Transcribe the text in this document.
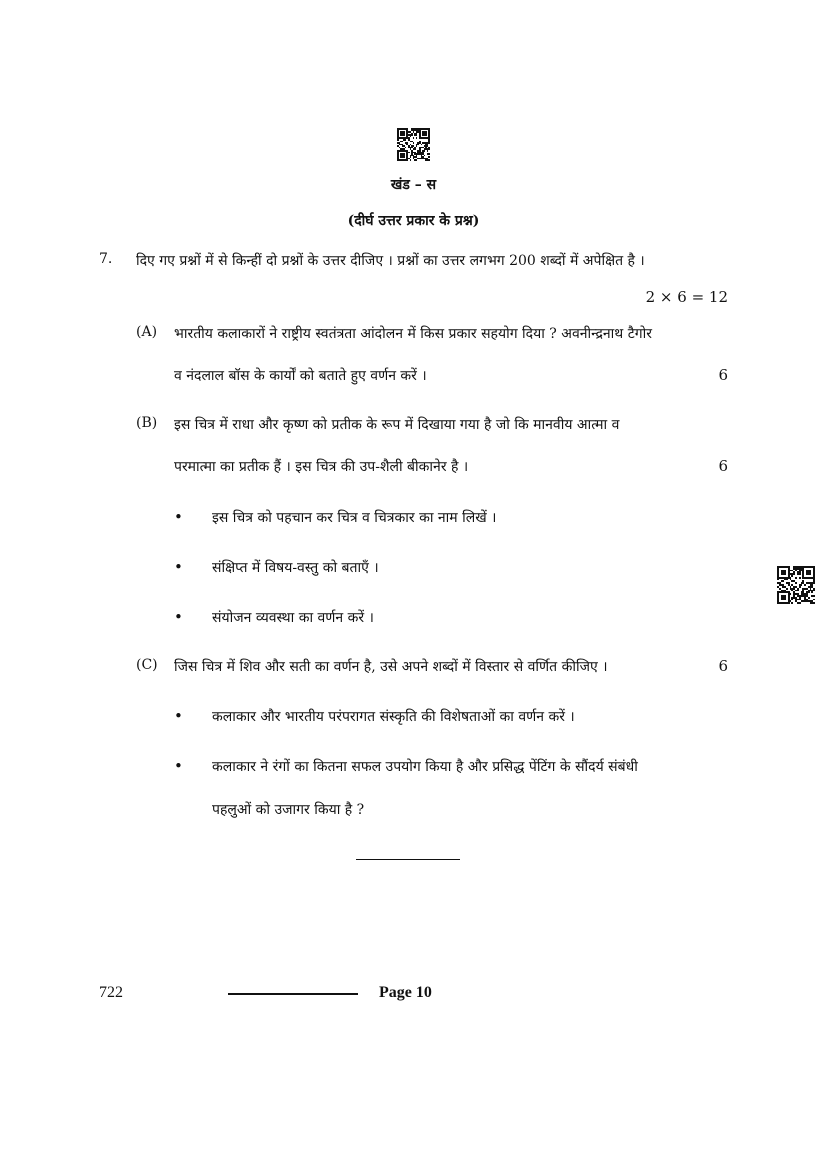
खंड – स
(दीर्घ उत्तर प्रकार के प्रश्न)
7. दिए गए प्रश्नों में से किन्हीं दो प्रश्नों के उत्तर दीजिए । प्रश्नों का उत्तर लगभग 200 शब्दों में अपेक्षित है ।
2 × 6 = 12
(A) भारतीय कलाकारों ने राष्ट्रीय स्वतंत्रता आंदोलन में किस प्रकार सहयोग दिया ? अवनीन्द्रनाथ टैगोर
व नंदलाल बॉस के कार्यों को बताते हुए वर्णन करें ।	6
(B) इस चित्र में राधा और कृष्ण को प्रतीक के रूप में दिखाया गया है जो कि मानवीय आत्मा व
परमात्मा का प्रतीक हैं । इस चित्र की उप-शैली बीकानेर है ।	6
• इस चित्र को पहचान कर चित्र व चित्रकार का नाम लिखें ।
• संक्षिप्त में विषय-वस्तु को बताएँ ।
• संयोजन व्यवस्था का वर्णन करें ।
(C) जिस चित्र में शिव और सती का वर्णन है, उसे अपने शब्दों में विस्तार से वर्णित कीजिए ।	6
• कलाकार और भारतीय परंपरागत संस्कृति की विशेषताओं का वर्णन करें ।
• कलाकार ने रंगों का कितना सफल उपयोग किया है और प्रसिद्ध पेंटिंग के सौंदर्य संबंधी
पहलुओं को उजागर किया है ?
722	Page 10
